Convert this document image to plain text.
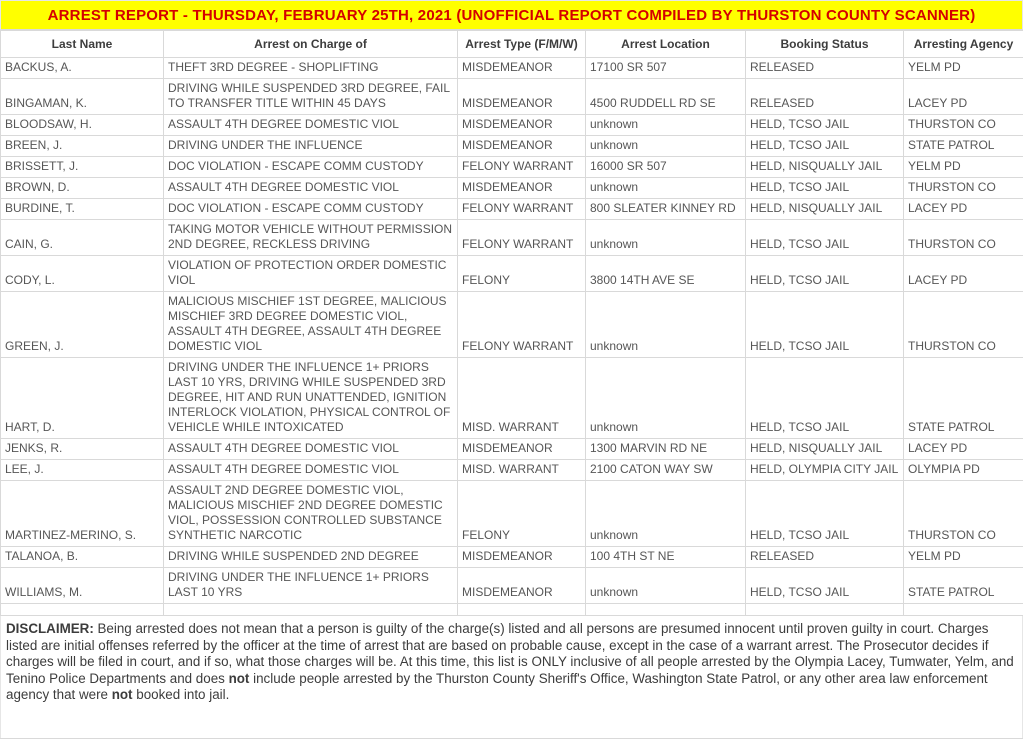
ARREST REPORT - THURSDAY, FEBRUARY 25TH, 2021 (UNOFFICIAL REPORT COMPILED BY THURSTON COUNTY SCANNER)
Last Name	Arrest on Charge of	Arrest Type (F/M/W)	Arrest Location	Booking Status	Arresting Agency
BACKUS, A.	THEFT 3RD DEGREE - SHOPLIFTING	MISDEMEANOR	17100 SR 507	RELEASED	YELM PD
BINGAMAN, K.	DRIVING WHILE SUSPENDED 3RD DEGREE, FAIL TO TRANSFER TITLE WITHIN 45 DAYS	MISDEMEANOR	4500 RUDDELL RD SE	RELEASED	LACEY PD
BLOODSAW, H.	ASSAULT 4TH DEGREE DOMESTIC VIOL	MISDEMEANOR	unknown	HELD, TCSO JAIL	THURSTON CO
BREEN, J.	DRIVING UNDER THE INFLUENCE	MISDEMEANOR	unknown	HELD, TCSO JAIL	STATE PATROL
BRISSETT, J.	DOC VIOLATION - ESCAPE COMM CUSTODY	FELONY WARRANT	16000 SR 507	HELD, NISQUALLY JAIL	YELM PD
BROWN, D.	ASSAULT 4TH DEGREE DOMESTIC VIOL	MISDEMEANOR	unknown	HELD, TCSO JAIL	THURSTON CO
BURDINE, T.	DOC VIOLATION - ESCAPE COMM CUSTODY	FELONY WARRANT	800 SLEATER KINNEY RD	HELD, NISQUALLY JAIL	LACEY PD
CAIN, G.	TAKING MOTOR VEHICLE WITHOUT PERMISSION 2ND DEGREE, RECKLESS DRIVING	FELONY WARRANT	unknown	HELD, TCSO JAIL	THURSTON CO
CODY, L.	VIOLATION OF PROTECTION ORDER DOMESTIC VIOL	FELONY	3800 14TH AVE SE	HELD, TCSO JAIL	LACEY PD
GREEN, J.	MALICIOUS MISCHIEF 1ST DEGREE, MALICIOUS MISCHIEF 3RD DEGREE DOMESTIC VIOL, ASSAULT 4TH DEGREE, ASSAULT 4TH DEGREE DOMESTIC VIOL	FELONY WARRANT	unknown	HELD, TCSO JAIL	THURSTON CO
HART, D.	DRIVING UNDER THE INFLUENCE 1+ PRIORS LAST 10 YRS, DRIVING WHILE SUSPENDED 3RD DEGREE, HIT AND RUN UNATTENDED, IGNITION INTERLOCK VIOLATION, PHYSICAL CONTROL OF VEHICLE WHILE INTOXICATED	MISD. WARRANT	unknown	HELD, TCSO JAIL	STATE PATROL
JENKS, R.	ASSAULT 4TH DEGREE DOMESTIC VIOL	MISDEMEANOR	1300 MARVIN RD NE	HELD, NISQUALLY JAIL	LACEY PD
LEE, J.	ASSAULT 4TH DEGREE DOMESTIC VIOL	MISD. WARRANT	2100 CATON WAY SW	HELD, OLYMPIA CITY JAIL	OLYMPIA PD
MARTINEZ-MERINO, S.	ASSAULT 2ND DEGREE DOMESTIC VIOL, MALICIOUS MISCHIEF 2ND DEGREE DOMESTIC VIOL, POSSESSION CONTROLLED SUBSTANCE SYNTHETIC NARCOTIC	FELONY	unknown	HELD, TCSO JAIL	THURSTON CO
TALANOA, B.	DRIVING WHILE SUSPENDED 2ND DEGREE	MISDEMEANOR	100 4TH ST NE	RELEASED	YELM PD
WILLIAMS, M.	DRIVING UNDER THE INFLUENCE 1+ PRIORS LAST 10 YRS	MISDEMEANOR	unknown	HELD, TCSO JAIL	STATE PATROL

DISCLAIMER: Being arrested does not mean that a person is guilty of the charge(s) listed and all persons are presumed innocent until proven guilty in court. Charges listed are initial offenses referred by the officer at the time of arrest that are based on probable cause, except in the case of a warrant arrest. The Prosecutor decides if charges will be filed in court, and if so, what those charges will be. At this time, this list is ONLY inclusive of all people arrested by the Olympia Lacey, Tumwater, Yelm, and Tenino Police Departments and does not include people arrested by the Thurston County Sheriff's Office, Washington State Patrol, or any other area law enforcement agency that were not booked into jail.
